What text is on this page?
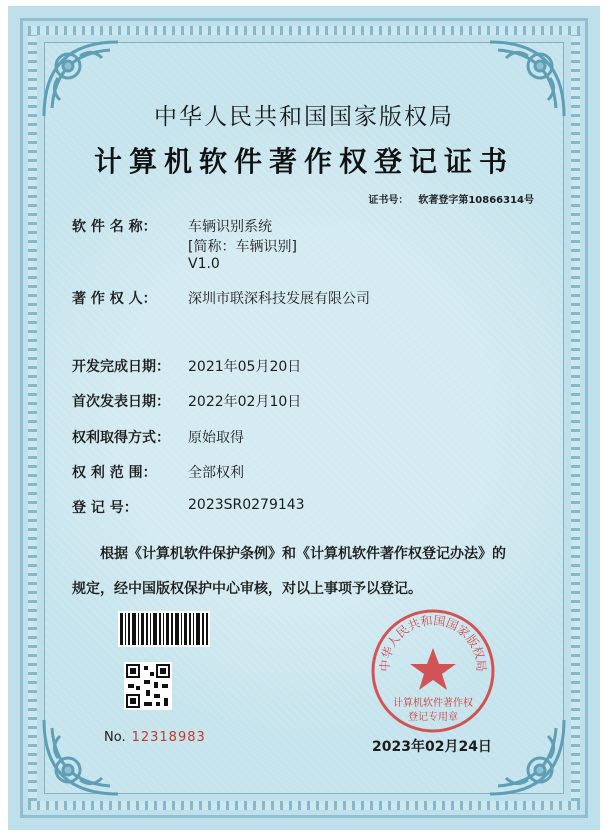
中华人民共和国国家版权局
计算机软件著作权登记证书
证书号： 软著登字第10866314号
软 件 名 称： 车辆识别系统
[简称：车辆识别]
V1.0
著 作 权 人： 深圳市联深科技发展有限公司
开发完成日期： 2021年05月20日
首次发表日期： 2022年02月10日
权利取得方式： 原始取得
权 利 范 围： 全部权利
登 记 号：	2023SR0279143
根据《计算机软件保护条例》和《计算机软件著作权登记办法》的
规定，经中国版权保护中心审核，对以上事项予以登记。
No. 12318983
中华人民共和国国家版权局
计算机软件著作权
登记专用章
2023年02月24日
